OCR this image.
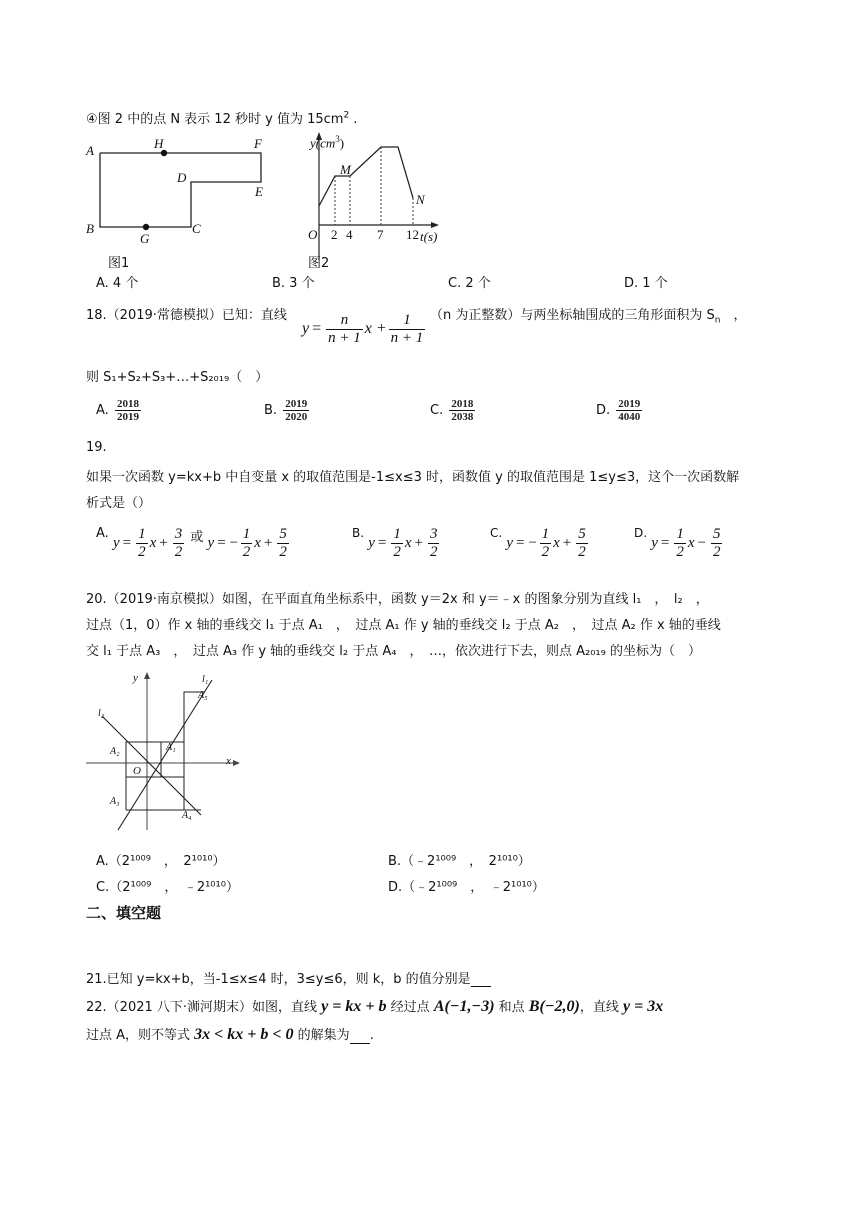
④图 2 中的点 N 表示 12 秒时 y 值为 $15cm^2$ .
A	H	F
D
E
B
G
C
图1
$y(cm^3)$
M
N
O 2 4 7 12 t(s)
图2
A. 4 个	B. 3 个	C. 2 个	D. 1 个
18.（2019·常德模拟）已知：直线
$y = \frac{n}{n + 1}$ $x + \frac{1}{n + 1} (n$ 为正整数）与两坐标轴围成的三角形面积为 $S_n$　，
则 S₁+S₂+S₃+…+S₂₀₁₉（　）
A. $\frac{2018}{2019}$	B. $\frac{2019}{2020}$	C. $\frac{2018}{2038}$	D. $\frac{2019}{4040}$
19.
如果一次函数 y=kx+b 中自变量 x 的取值范围是-1≤x≤3 时，函数值 y 的取值范围是 1≤y≤3，这个一次函数解
析式是（）
A. $y = \frac{1}{2}$ $x + \frac{3}{2}$ 或 y = − $\frac{1}{2}$ $x + \frac{5}{2}$	B. $y = \frac{1}{2}$ $x + \frac{3}{2}$	C. y = − $\frac{1}{2}$ $x + \frac{5}{2}$	D. $y = \frac{1}{2}$ $x - \frac{5}{2}$
20.（2019·南京模拟）如图，在平面直角坐标系中，函数 y＝2x 和 y＝﹣x 的图象分别为直线 l₁　，　l₂　，
过点（1，0）作 x 轴的垂线交 l₁ 于点 A₁　，　过点 A₁ 作 y 轴的垂线交 l₂ 于点 A₂　，　过点 A₂ 作 x 轴的垂线
交 l₁ 于点 A₃　，　过点 A₃ 作 y 轴的垂线交 l₂ 于点 A₄　，　…，依次进行下去，则点 A₂₀₁₉ 的坐标为（　）
y
x
l₁
l₂
O
A₁
A₂
A₃
A₄
A₅
A.（2¹⁰⁰⁹　，　2¹⁰¹⁰）	B.（﹣2¹⁰⁰⁹　，　2¹⁰¹⁰）
C.（2¹⁰⁰⁹　，　﹣2¹⁰¹⁰）	D.（﹣2¹⁰⁰⁹　，　﹣2¹⁰¹⁰）
二、填空题
21.已知 y=kx+b，当-1≤x≤4 时，3≤y≤6，则 k，b 的值分别是
22.（2021 八下·浉河期末）如图，直线 y = kx + b 经过点 A(−1,−3) 和点 B(−2,0)，直线 y = 3x
过点 A，则不等式 3x < kx + b < 0 的解集为 .
